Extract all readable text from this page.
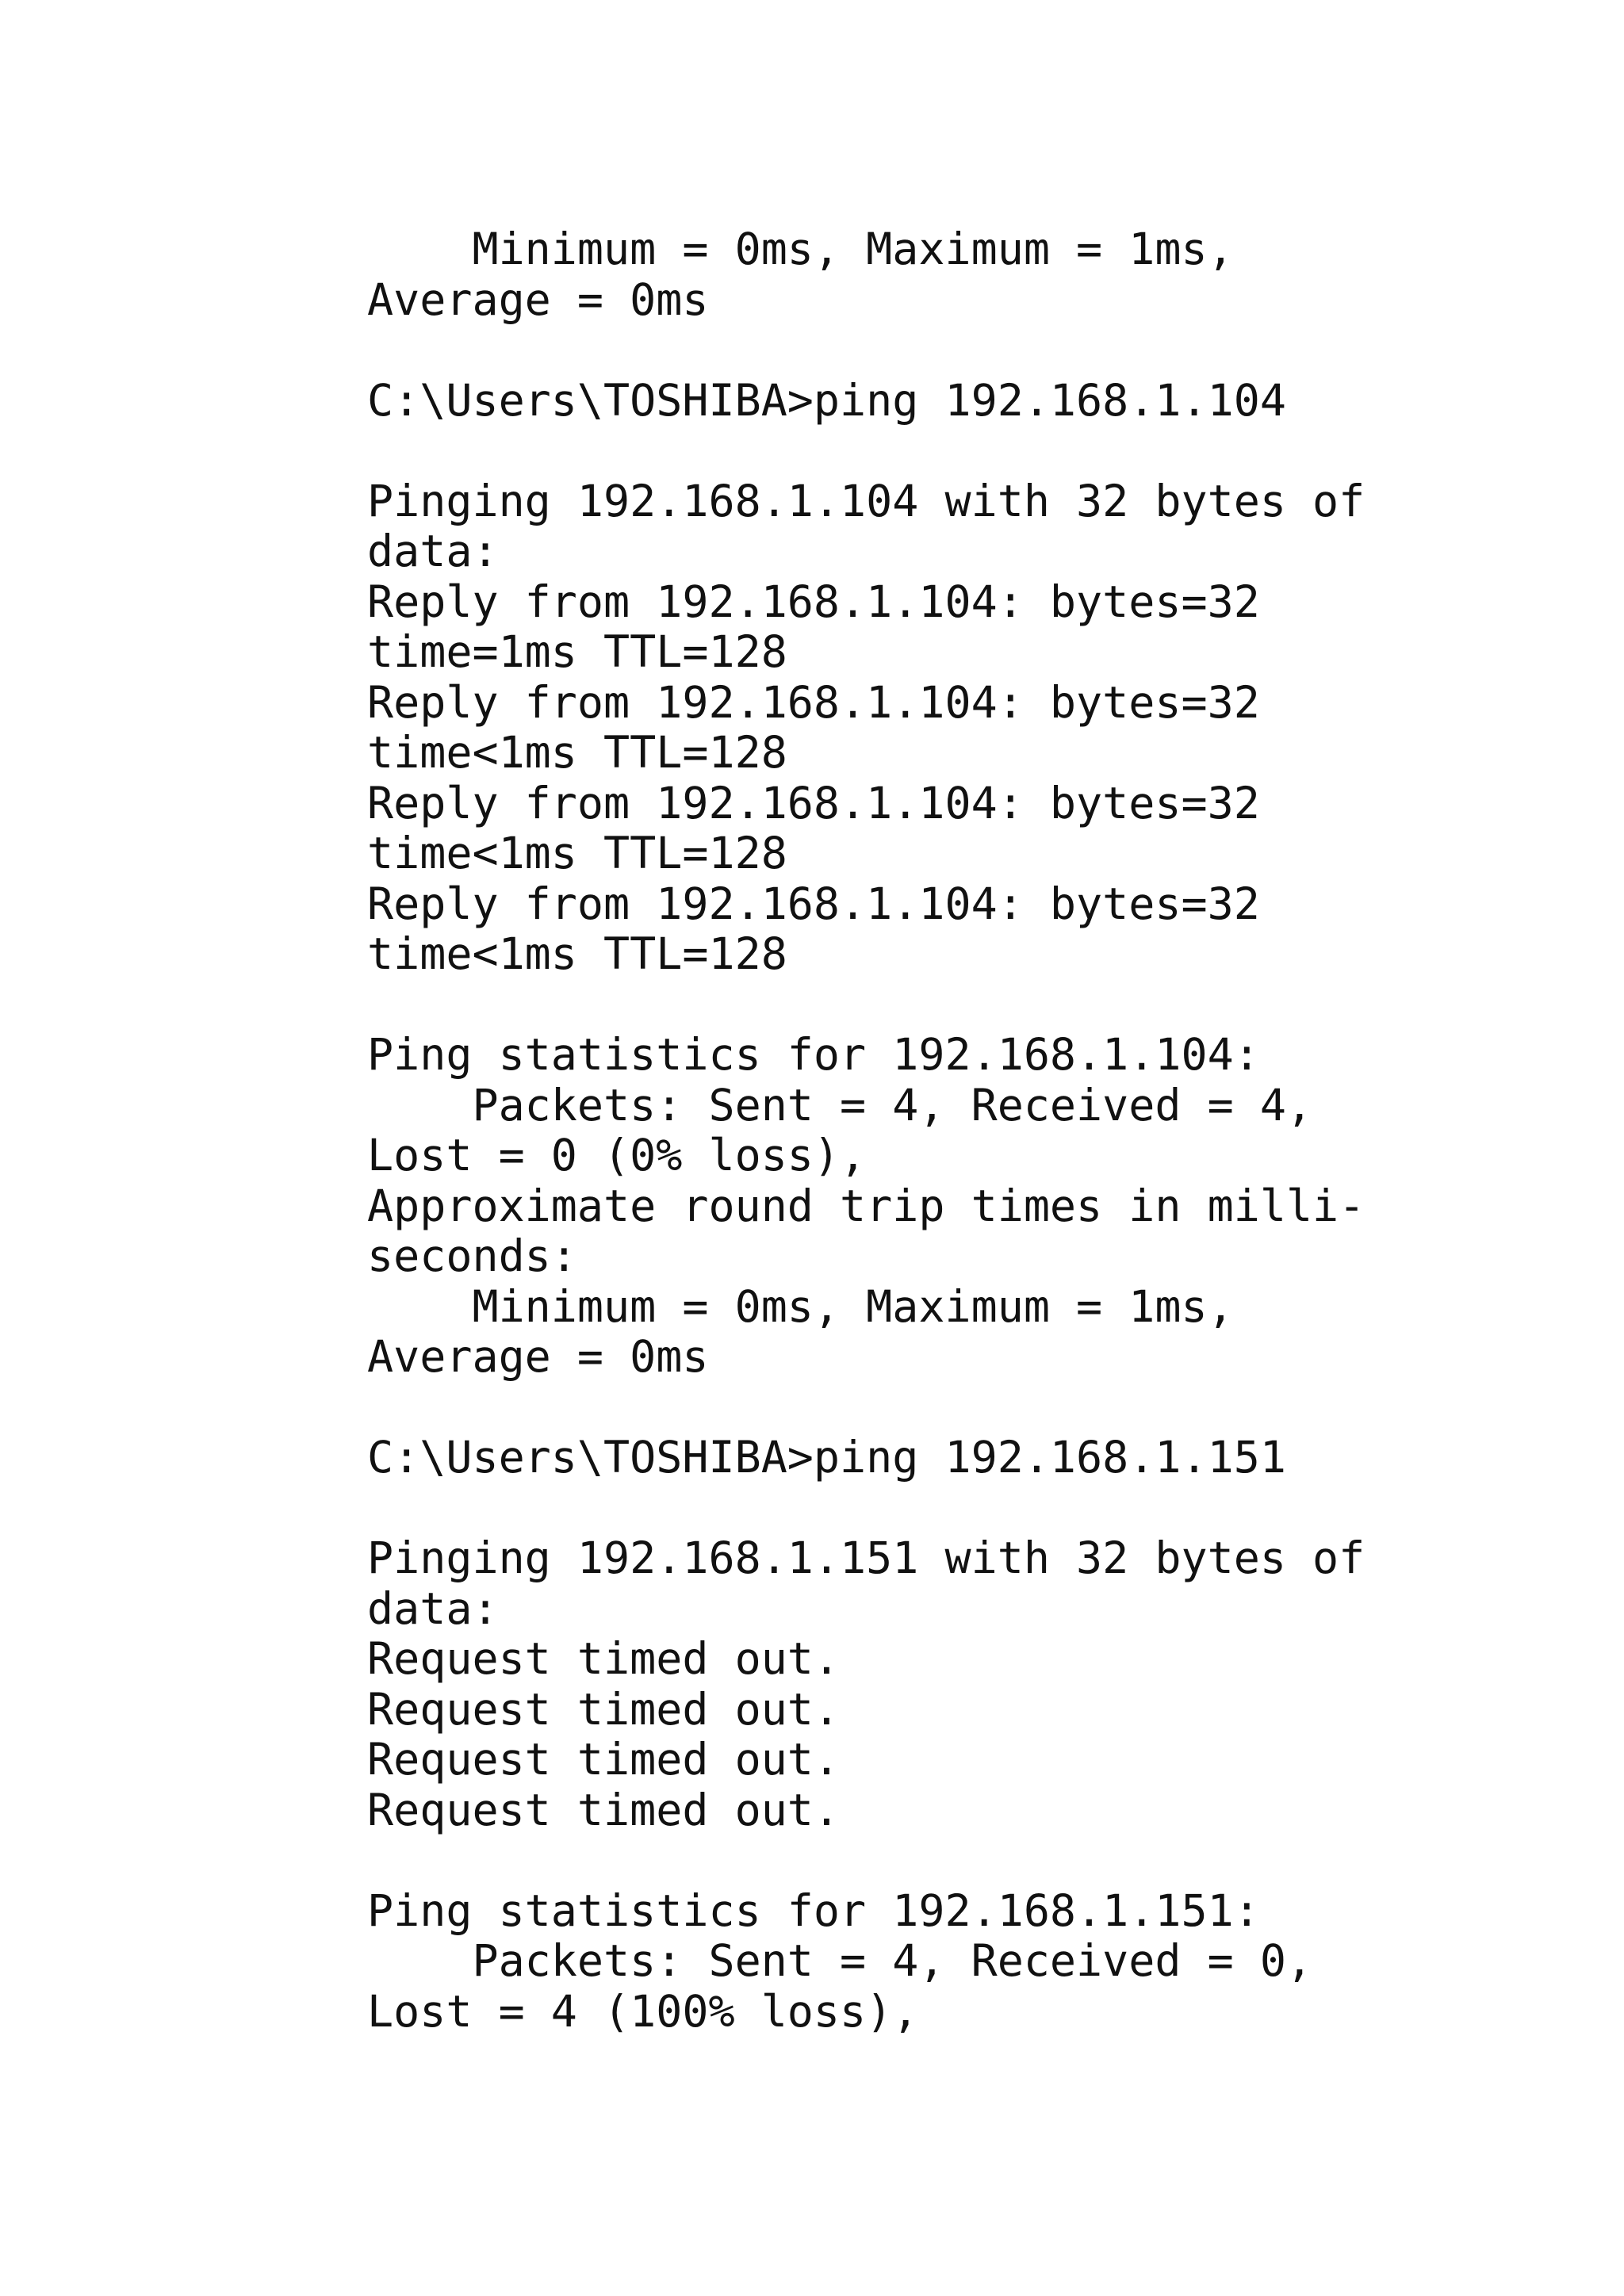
Minimum = 0ms, Maximum = 1ms,
Average = 0ms
C:\Users\TOSHIBA>ping 192.168.1.104
Pinging 192.168.1.104 with 32 bytes of
data:
Reply from 192.168.1.104: bytes=32
time=1ms TTL=128
Reply from 192.168.1.104: bytes=32
time<1ms TTL=128
Reply from 192.168.1.104: bytes=32
time<1ms TTL=128
Reply from 192.168.1.104: bytes=32
time<1ms TTL=128
Ping statistics for 192.168.1.104:
Packets: Sent = 4, Received = 4,
Lost = 0 (0% loss),
Approximate round trip times in milli-
seconds:
Minimum = 0ms, Maximum = 1ms,
Average = 0ms
C:\Users\TOSHIBA>ping 192.168.1.151
Pinging 192.168.1.151 with 32 bytes of
data:
Request timed out.
Request timed out.
Request timed out.
Request timed out.
Ping statistics for 192.168.1.151:
Packets: Sent = 4, Received = 0,
Lost = 4 (100% loss),
